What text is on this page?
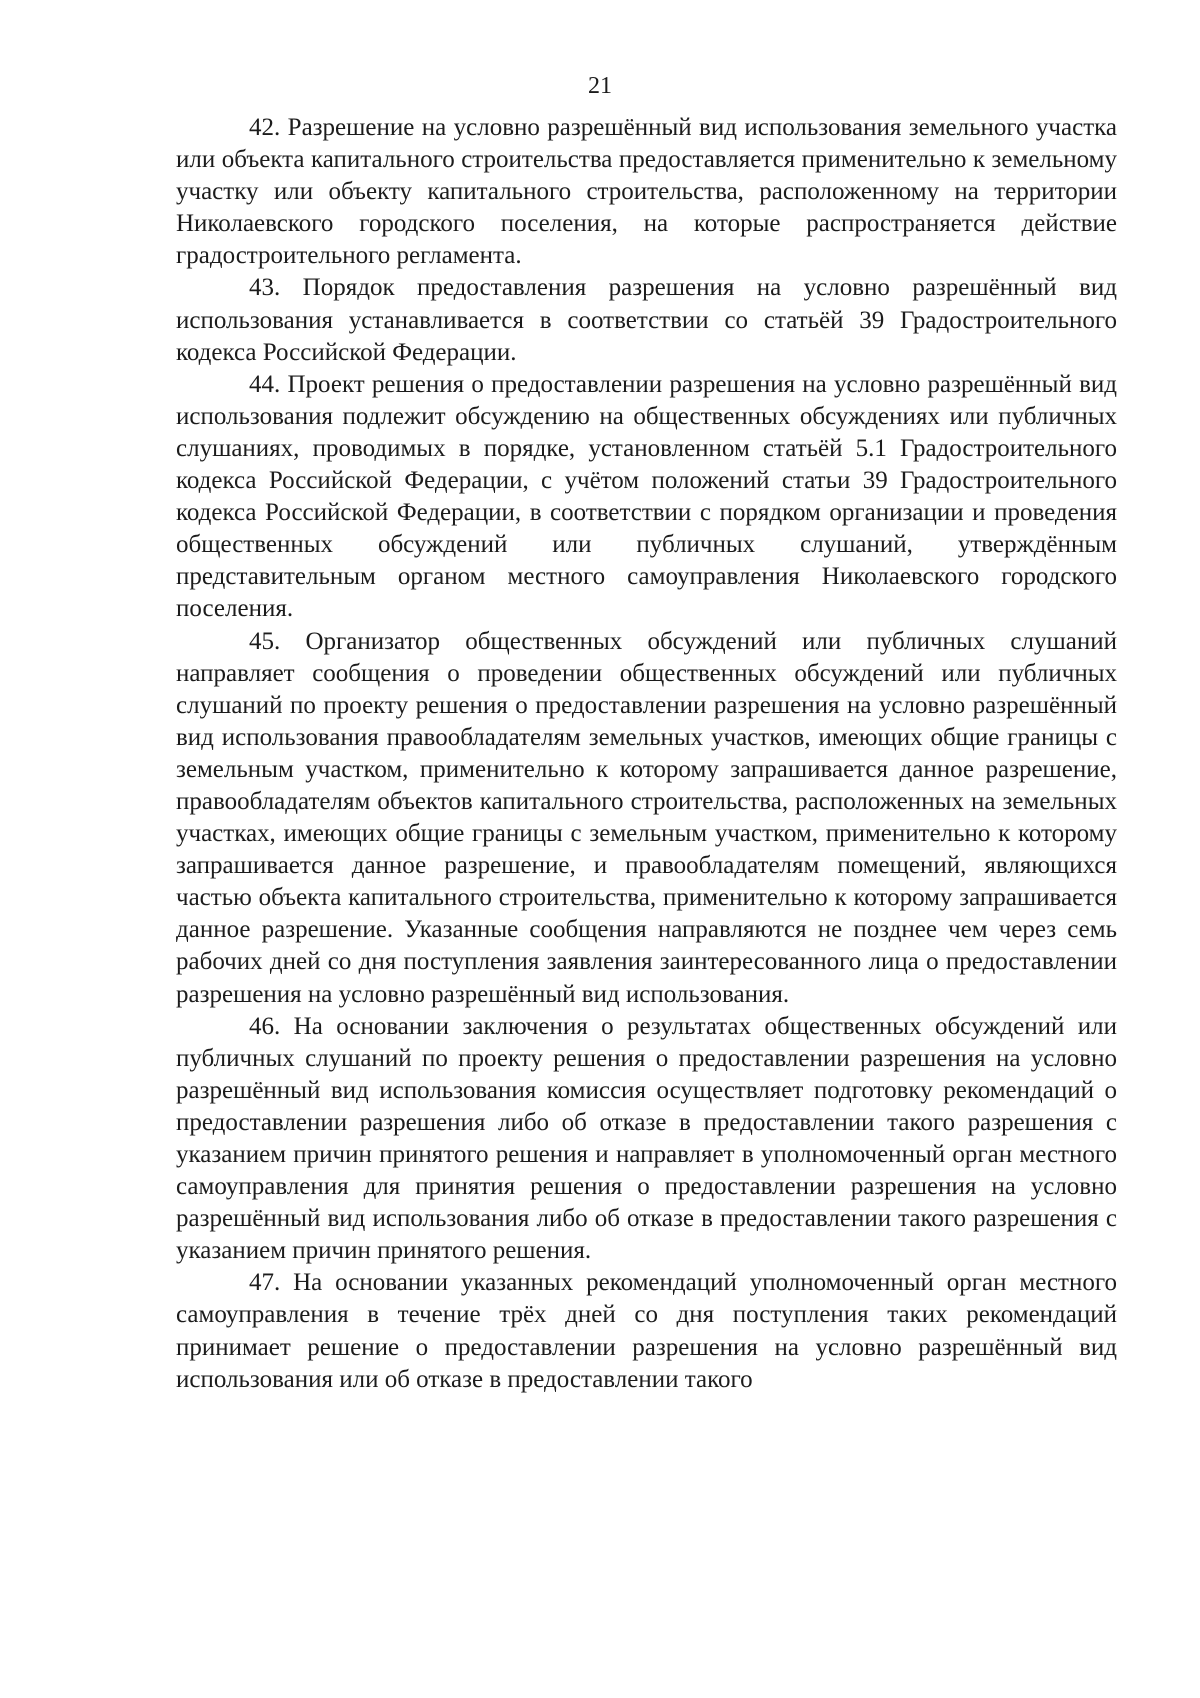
21

42. Разрешение на условно разрешённый вид использования земельного участка или объекта капитального строительства предоставляется применительно к земельному участку или объекту капитального строительства, расположенному на территории Николаевского городского поселения, на которые распространяется действие градостроительного регламента.

43. Порядок предоставления разрешения на условно разрешённый вид использования устанавливается в соответствии со статьёй 39 Градостроительного кодекса Российской Федерации.

44. Проект решения о предоставлении разрешения на условно разрешённый вид использования подлежит обсуждению на общественных обсуждениях или публичных слушаниях, проводимых в порядке, установленном статьёй 5.1 Градостроительного кодекса Российской Федерации, с учётом положений статьи 39 Градостроительного кодекса Российской Федерации, в соответствии с порядком организации и проведения общественных обсуждений или публичных слушаний, утверждённым представительным органом местного самоуправления Николаевского городского поселения.

45. Организатор общественных обсуждений или публичных слушаний направляет сообщения о проведении общественных обсуждений или публичных слушаний по проекту решения о предоставлении разрешения на условно разрешённый вид использования правообладателям земельных участков, имеющих общие границы с земельным участком, применительно к которому запрашивается данное разрешение, правообладателям объектов капитального строительства, расположенных на земельных участках, имеющих общие границы с земельным участком, применительно к которому запрашивается данное разрешение, и правообладателям помещений, являющихся частью объекта капитального строительства, применительно к которому запрашивается данное разрешение. Указанные сообщения направляются не позднее чем через семь рабочих дней со дня поступления заявления заинтересованного лица о предоставлении разрешения на условно разрешённый вид использования.

46. На основании заключения о результатах общественных обсуждений или публичных слушаний по проекту решения о предоставлении разрешения на условно разрешённый вид использования комиссия осуществляет подготовку рекомендаций о предоставлении разрешения либо об отказе в предоставлении такого разрешения с указанием причин принятого решения и направляет в уполномоченный орган местного самоуправления для принятия решения о предоставлении разрешения на условно разрешённый вид использования либо об отказе в предоставлении такого разрешения с указанием причин принятого решения.

47. На основании указанных рекомендаций уполномоченный орган местного самоуправления в течение трёх дней со дня поступления таких рекомендаций принимает решение о предоставлении разрешения на условно разрешённый вид использования или об отказе в предоставлении такого
